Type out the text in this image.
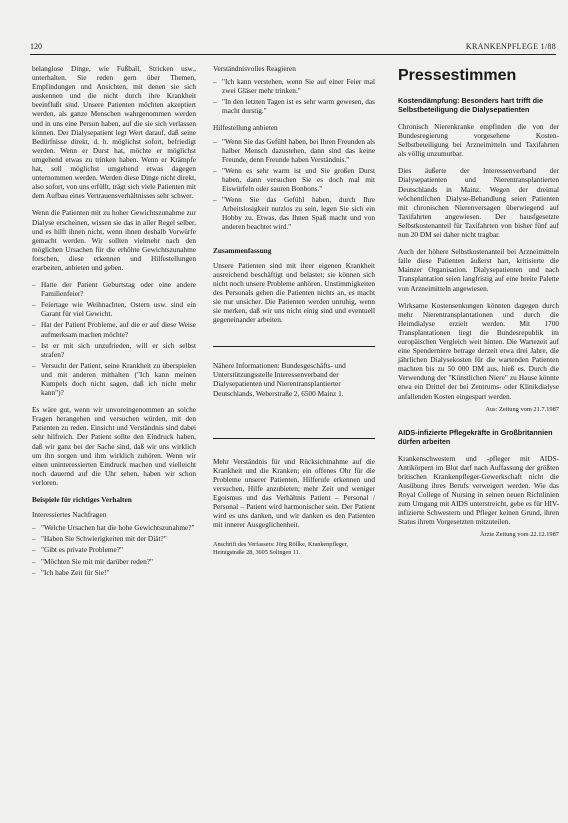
120	KRANKENPFLEGE 1/88

belanglose Dinge, wie Fußball, Stricken usw., unterhalten. Sie reden gern über Themen, Empfindungen und Ansichten, mit denen sie sich auskennen und die nicht durch ihre Krankheit beeinflußt sind. Unsere Patienten möchten akzeptiert werden, als ganze Menschen wahrgenommen werden und in uns eine Person haben, auf die sie sich verlassen können. Der Dialysepatient legt Wert darauf, daß seine Bedürfnisse direkt, d. h. möglichst sofort, befriedigt werden. Wenn er Durst hat, möchte er möglichst umgehend etwas zu trinken haben. Wenn er Krämpfe hat, soll möglichst umgehend etwas dagegen unternommen werden. Werden diese Dinge nicht direkt, also sofort, von uns erfüllt, trägt sich viele Patienten mit dem Aufbau eines Vertrauensverhältnisses sehr schwer.

Wenn die Patienten mit zu hoher Gewichtszunahme zur Dialyse erscheinen, wissen sie das in aller Regel selber, und es hilft ihnen nicht, wenn ihnen deshalb Vorwürfe gemacht werden. Wir sollten vielmehr nach den möglichen Ursachen für die erhöhte Gewichtszunahme forschen, diese erkennen und Hilfestellungen erarbeiten, anbieten und geben.

– Hatte der Patient Geburtstag oder eine andere Familienfeier?
– Feiertage wie Weihnachten, Ostern usw. sind ein Garant für viel Gewicht.
– Hat der Patient Probleme, auf die er auf diese Weise aufmerksam machen möchte?
– Ist er mit sich unzufrieden, will er sich selbst strafen?
– Versucht der Patient, seine Krankheit zu überspielen und mit anderen mithalten ("Ich kann meinen Kumpels doch nicht sagen, daß ich nicht mehr kann")?

Es wäre gut, wenn wir unvoreingenommen an solche Fragen herangehen und versuchen würden, mit den Patienten zu reden. Einsicht und Verständnis sind dabei sehr hilfreich. Der Patient sollte den Eindruck haben, daß wir ganz bei der Sache sind, daß wir uns wirklich um ihn sorgen und ihm wirklich zuhören. Wenn wir einen uninteressierten Eindruck machen und vielleicht noch dauernd auf die Uhr sehen, haben wir schon verloren.

Beispiele für richtiges Verhalten
Interessiertes Nachfragen
– "Welche Ursachen hat die hohe Gewichtszunahme?"
– "Haben Sie Schwierigkeiten mit der Diät?"
– "Gibt es private Probleme?"
– "Möchten Sie mit mir darüber reden?"
– "Ich habe Zeit für Sie!"
Verständnisvolles Reagieren
– "Ich kann verstehen, wenn Sie auf einer Feier mal zwei Gläser mehr trinken."
– "In den letzten Tagen ist es sehr warm gewesen, das macht durstig."
Hilfestellung anbieten
– "Wenn Sie das Gefühl haben, bei Ihren Freunden als halber Mensch dazustehen, dann sind das keine Freunde, denn Freunde haben Verständnis."
– "Wenn es sehr warm ist und Sie großen Durst haben, dann versuchen Sie es doch mal mit Eiswürfeln oder sauren Bonbons."
– "Wenn Sie das Gefühl haben, durch Ihre Arbeitslosigkeit nutzlos zu sein, legen Sie sich ein Hobby zu. Etwas, das Ihnen Spaß macht und von anderen beachtet wird."
Zusammenfassung

Unsere Patienten sind mit ihrer eigenen Krankheit ausreichend beschäftigt und belastet; sie können sich nicht noch unsere Probleme anhören. Unstimmigkeiten des Personals gehen die Patienten nichts an, es macht sie nur unsicher. Die Patienten werden unruhig, wenn sie merken, daß wir uns nicht einig sind und eventuell gegeneinander arbeiten.

Nähere Informationen: Bundesgeschäfts- und Unterstützungsstelle Interessenverband der Dialysepatienten und Nierentransplantierter Deutschlands, Weberstraße 2, 6500 Mainz 1.

Mehr Verständnis für und Rücksichtnahme auf die Krankheit und die Kranken; ein offenes Ohr für die Probleme unserer Patienten, Hilferufe erkennen und versuchen, Hilfe anzubieten; mehr Zeit und weniger Egoismus und das Verhältnis Patient – Personal / Personal – Patient wird harmonischer sein. Der Patient wird es uns danken, und wir danken es den Patienten mit innerer Ausgeglichenheit.

Anschrift des Verfassers: Jörg Röllke, Krankenpfleger, Heinigstraße 28, 3605 Solingen 11.
Pressestimmen
Kostendämpfung: Besonders hart trifft die Selbstbeteiligung die Dialysepatienten

Chronisch Nierenkranke empfinden die von der Bundesregierung vorgesehene Kosten-Selbstbeteiligung bei Arzneimitteln und Taxifahrten als völlig unzumutbar.

Dies äußerte der Interessenverband der Dialysepatienten und Nierentransplantierten Deutschlands in Mainz. Wegen der dreimal wöchentlichen Dialyse-Behandlung seien Patienten mit chronischen Nierenversagen überwiegend auf Taxifahrten angewiesen. Der hausfgesetzte Selbstkostenanteil für Taxifahrten von bisher fünf auf nun 20 DM sei daher nicht tragbar.

Auch der höhere Selbstkostenanteil bei Arzneimitteln falle diese Patienten äußerst hart, kritisierte die Mainzer Organisation. Dialysepatienten und nach Transplantation seien langfristig auf eine breite Palette von Arzneimitteln angewiesen.

Wirksame Kostensenkungen könnten dagegen durch mehr Nierentransplantationen und durch die Heimdialyse erzielt werden. Mit 1700 Transplantationen liegt die Bundesrepublik im europäischen Vergleich weit hinten. Die Wartezeit auf eine Spenderniere betrage derzeit etwa drei Jahre, die jährlichen Dialysekosten für die wartenden Patienten machten bis zu 50 000 DM aus, hieß es. Durch die Verwendung der "Künstlichen Niere" zu Hause könnte etwa ein Drittel der bei Zentrums- oder Klinikdialyse anfallenden Kosten eingespart werden.

Aus: Zeitung vom 21.7.1987
AIDS-infizierte Pflegekräfte in Großbritannien dürfen arbeiten

Krankenschwestern und -pfleger mit AIDS-Antikörpern im Blut darf nach Auffassung der größten britischen Krankenpfleger-Gewerkschaft nicht die Ausübung ihres Berufs verweigert werden. Wie das Royal College of Nursing in seinen neuen Richtlinien zum Umgang mit AIDS unterstreicht, gebe es für HIV-infizierte Schwestern und Pfleger keinen Grund, ihren Status ihrem Vorgesetzten mitzuteilen.

Ärzte Zeitung vom 22.12.1987
